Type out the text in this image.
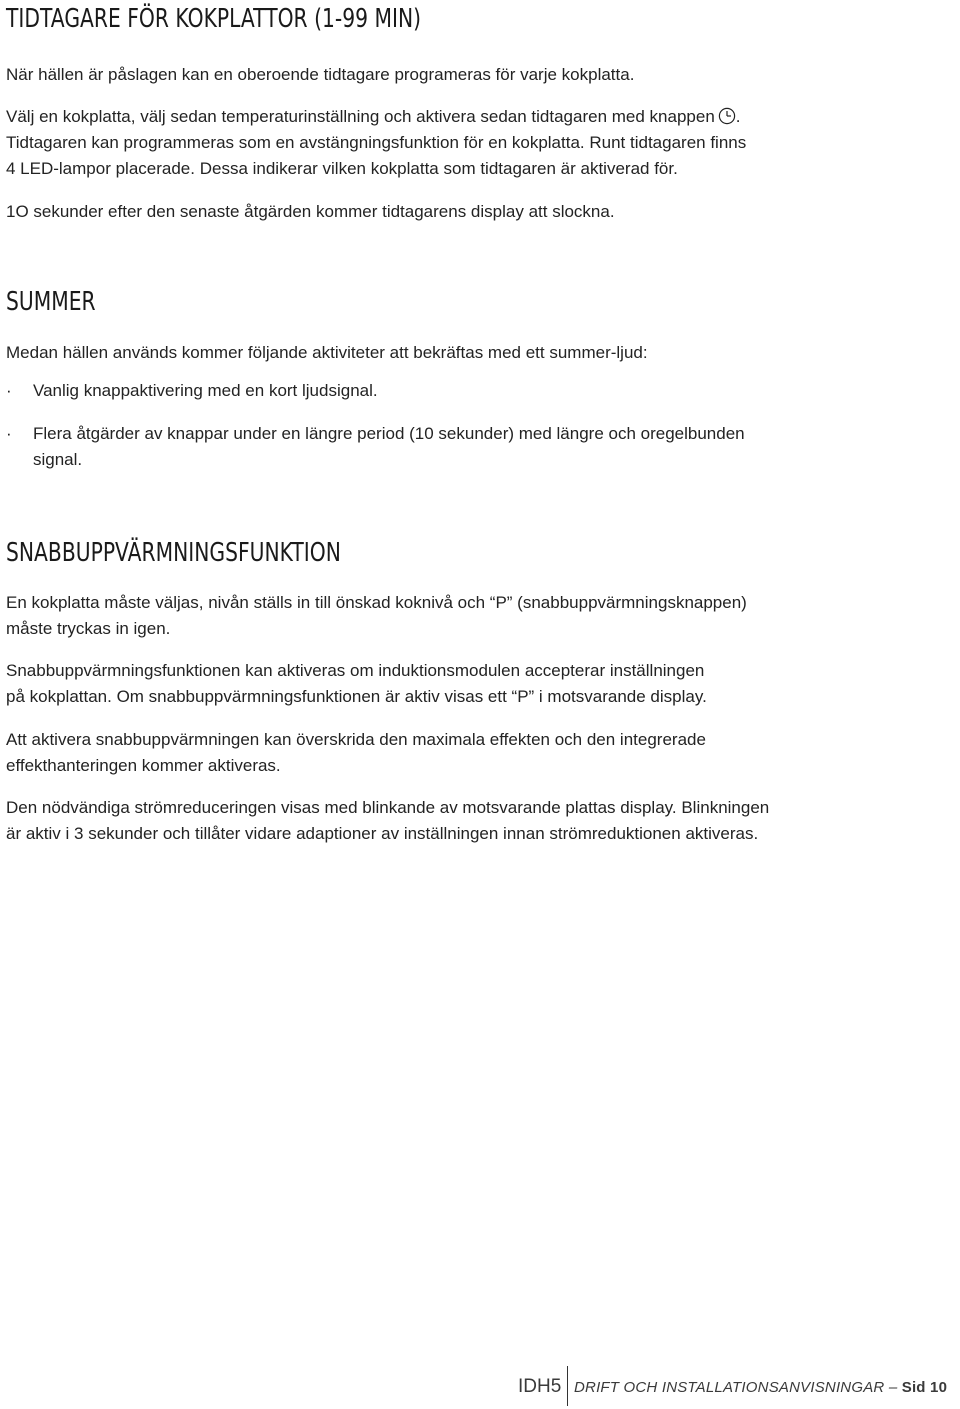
TIDTAGARE FÖR KOKPLATTOR (1-99 MIN)

När hällen är påslagen kan en oberoende tidtagare programeras för varje kokplatta.

Välj en kokplatta, välj sedan temperaturinställning och aktivera sedan tidtagaren med knappen .
Tidtagaren kan programmeras som en avstängningsfunktion för en kokplatta. Runt tidtagaren finns
4 LED-lampor placerade. Dessa indikerar vilken kokplatta som tidtagaren är aktiverad för.

1O sekunder efter den senaste åtgärden kommer tidtagarens display att slockna.

SUMMER

Medan hällen används kommer följande aktiviteter att bekräftas med ett summer-ljud:

· Vanlig knappaktivering med en kort ljudsignal.

· Flera åtgärder av knappar under en längre period (10 sekunder) med längre och oregelbunden
signal.

SNABBUPPVÄRMNINGSFUNKTION

En kokplatta måste väljas, nivån ställs in till önskad koknivå och “P” (snabbuppvärmningsknappen)
måste tryckas in igen.

Snabbuppvärmningsfunktionen kan aktiveras om induktionsmodulen accepterar inställningen
på kokplattan. Om snabbuppvärmningsfunktionen är aktiv visas ett “P” i motsvarande display.

Att aktivera snabbuppvärmningen kan överskrida den maximala effekten och den integrerade
effekthanteringen kommer aktiveras.

Den nödvändiga strömreduceringen visas med blinkande av motsvarande plattas display. Blinkningen
är aktiv i 3 sekunder och tillåter vidare adaptioner av inställningen innan strömreduktionen aktiveras.

IDH5 DRIFT OCH INSTALLATIONSANVISNINGAR – Sid 10
